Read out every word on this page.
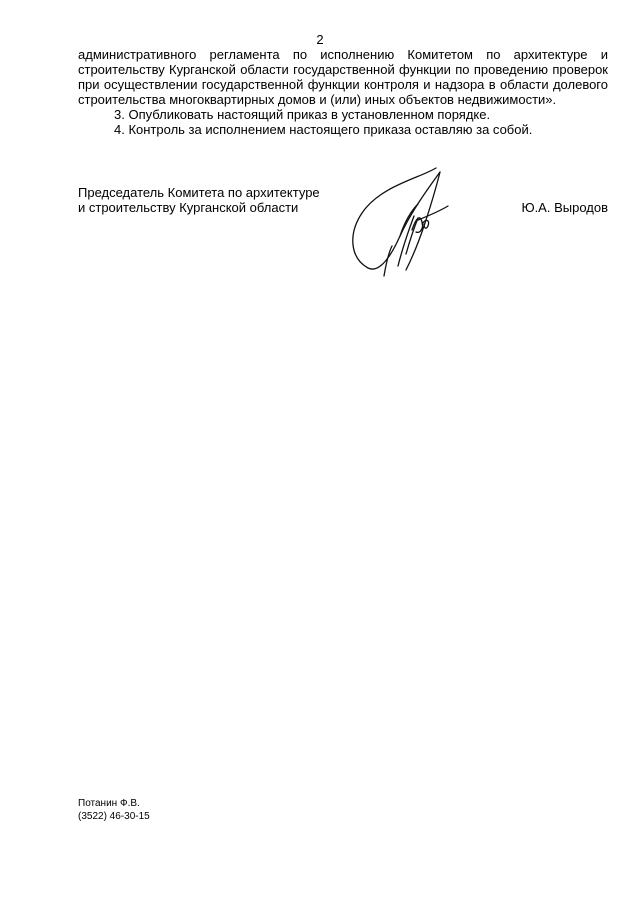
2

административного регламента по исполнению Комитетом по архитектуре и
строительству Курганской области государственной функции по проведению проверок
при осуществлении государственной функции контроля и надзора в области долевого
строительства многоквартирных домов и (или) иных объектов недвижимости».

3. Опубликовать настоящий приказ в установленном порядке.

4. Контроль за исполнением настоящего приказа оставляю за собой.

Председатель Комитета по архитектуре
и строительству Курганской области	Ю.А. Выродов
Потанин Ф.В.
(3522) 46-30-15
